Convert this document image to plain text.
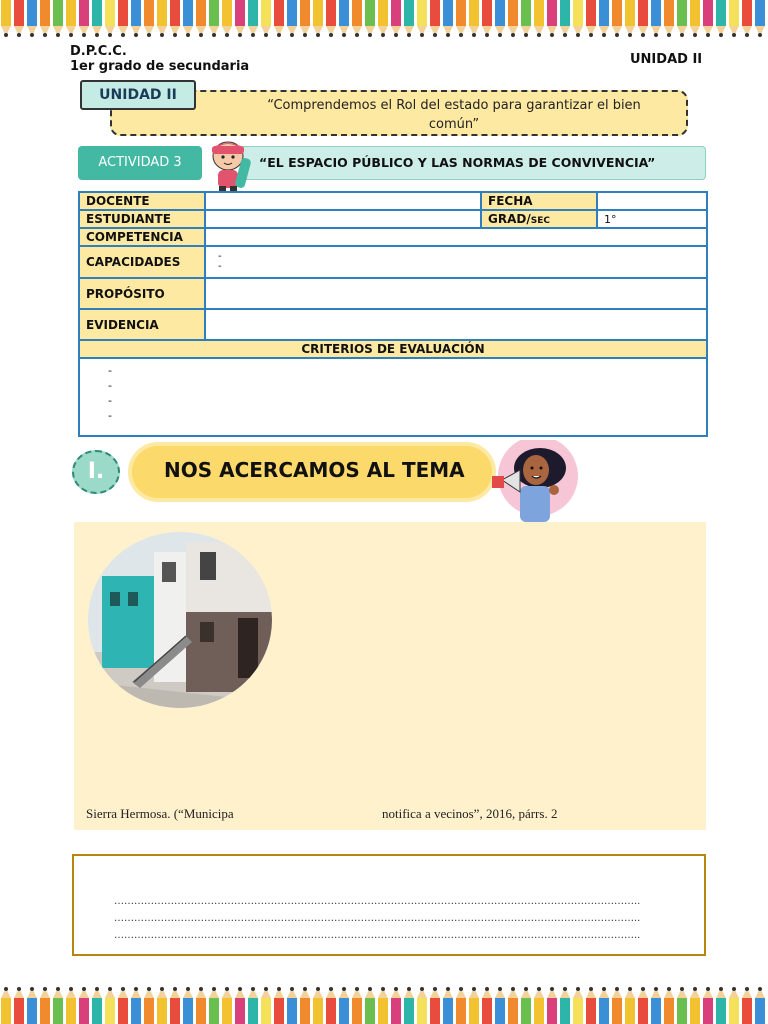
D.P.C.C.
1er grado de secundaria	UNIDAD II
“Comprendemos el Rol del estado para garantizar el bien común”
UNIDAD II
“EL ESPACIO PÚBLICO Y LAS NORMAS DE CONVIVENCIA”
ACTIVIDAD 3
DOCENTE		FECHA	
ESTUDIANTE		GRAD/SEC	1°
COMPETENCIA			
CAPACIDADES	-
-		

PROPÓSITO			
EVIDENCIA			
CRITERIOS DE EVALUACIÓN			

-
-
-
-			
I.	NOS ACERCAMOS AL TEMA
Sierra Hermosa. (“Municipa	notifica a vecinos”, 2016, párrs. 2
…………………………………………………………………………………………………………………………………………..
…………………………………………………………………………………………………………………………………………..
…………………………………………………………………………………………………………………………………………..
